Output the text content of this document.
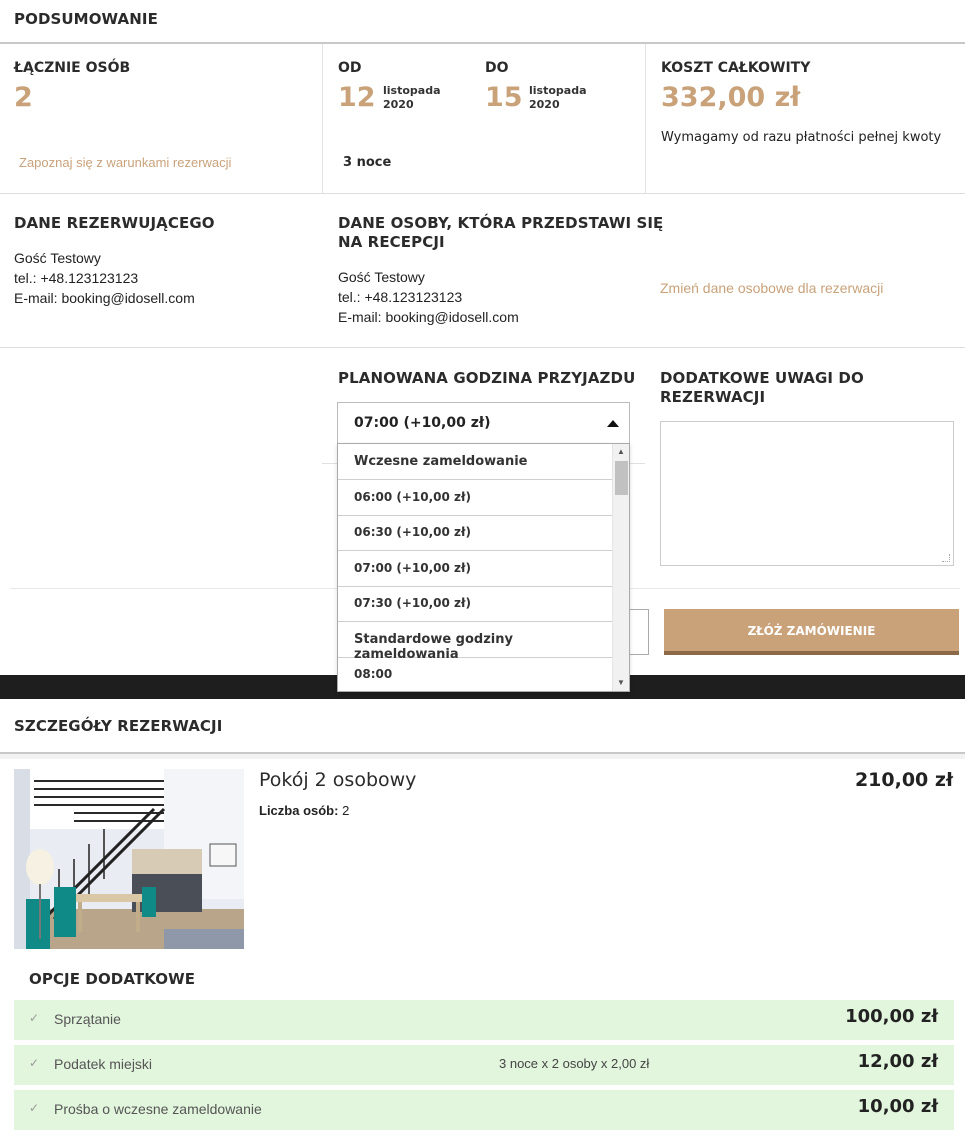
PODSUMOWANIE
ŁĄCZNIE OSÓB
2
Zapoznaj się z warunkami rezerwacji
OD
12 listopada
2020
DO
15 listopada
2020
3 noce
KOSZT CAŁKOWITY
332,00 zł
Wymagamy od razu płatności pełnej kwoty
DANE REZERWUJĄCEGO
Gość Testowy
tel.: +48.123123123
E-mail: booking@idosell.com
DANE OSOBY, KTÓRA PRZEDSTAWI SIĘ
NA RECEPCJI
Gość Testowy
tel.: +48.123123123
E-mail: booking@idosell.com
Zmień dane osobowe dla rezerwacji
PLANOWANA GODZINA PRZYJAZDU DODATKOWE UWAGI DO
REZERWACJI
ZŁÓŻ ZAMÓWIENIE
07:00 (+10,00 zł)
Wczesne zameldowanie
06:00 (+10,00 zł)
06:30 (+10,00 zł)
07:00 (+10,00 zł)
07:30 (+10,00 zł)
Standardowe godziny zameldowania
08:00
▲
▼
SZCZEGÓŁY REZERWACJI
Pokój 2 osobowy	210,00 zł
Liczba osób: 2
OPCJE DODATKOWE
✓ Sprzątanie	100,00 zł
✓ Podatek miejski	3 noce x 2 osoby x 2,00 zł	12,00 zł
✓ Prośba o wczesne zameldowanie	10,00 zł
